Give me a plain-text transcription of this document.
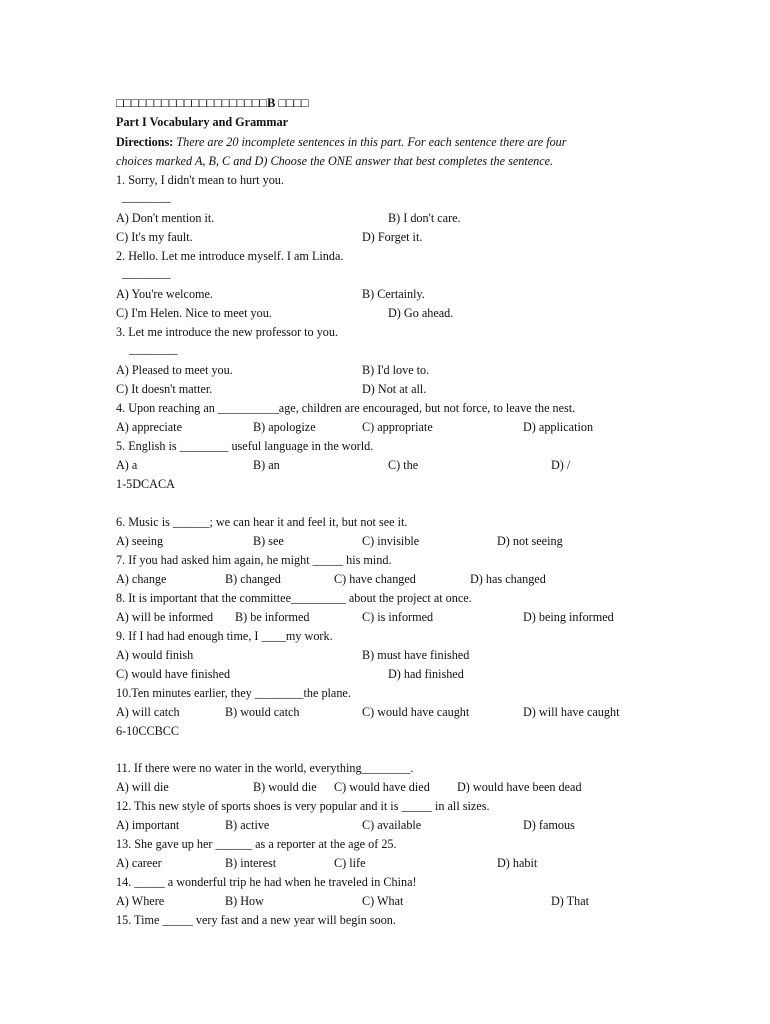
□□□□□□□□□□□□□□□□□□□□B □□□□
Part I Vocabulary and Grammar
Directions: There are 20 incomplete sentences in this part. For each sentence there are four
choices marked A, B, C and D) Choose the ONE answer that best completes the sentence.
1. Sorry, I didn't mean to hurt you.
________
A) Don't mention it.	B) I don't care.
C) It's my fault.	D) Forget it.
2. Hello. Let me introduce myself. I am Linda.
________
A) You're welcome.	B) Certainly.
C) I'm Helen. Nice to meet you.	D) Go ahead.
3. Let me introduce the new professor to you.
________
A) Pleased to meet you.	B) I'd love to.
C) It doesn't matter.	D) Not at all.
4. Upon reaching an __________age, children are encouraged, but not force, to leave the nest.
A) appreciate	B) apologize	C) appropriate	D) application
5. English is ________ useful language in the world.
A) a	B) an	C) the	D) /
1-5DCACA
6. Music is ______; we can hear it and feel it, but not see it.
A) seeing	B) see	C) invisible	D) not seeing
7. If you had asked him again, he might _____ his mind.
A) change	B) changed	C) have changed	D) has changed
8. It is important that the committee_________ about the project at once.
A) will be informed B) be informed	C) is informed	D) being informed
9. If I had had enough time, I ____my work.
A) would finish	B) must have finished
C) would have finished	D) had finished
10.Ten minutes earlier, they ________the plane.
A) will catch	B) would catch	C) would have caught	D) will have caught
6-10CCBCC
11. If there were no water in the world, everything________.
A) will die	B) would die C) would have died D) would have been dead
12. This new style of sports shoes is very popular and it is _____ in all sizes.
A) important	B) active	C) available	D) famous
13. She gave up her ______ as a reporter at the age of 25.
A) career	B) interest	C) life	D) habit
14. _____ a wonderful trip he had when he traveled in China!
A) Where	B) How	C) What	D) That
15. Time _____ very fast and a new year will begin soon.
